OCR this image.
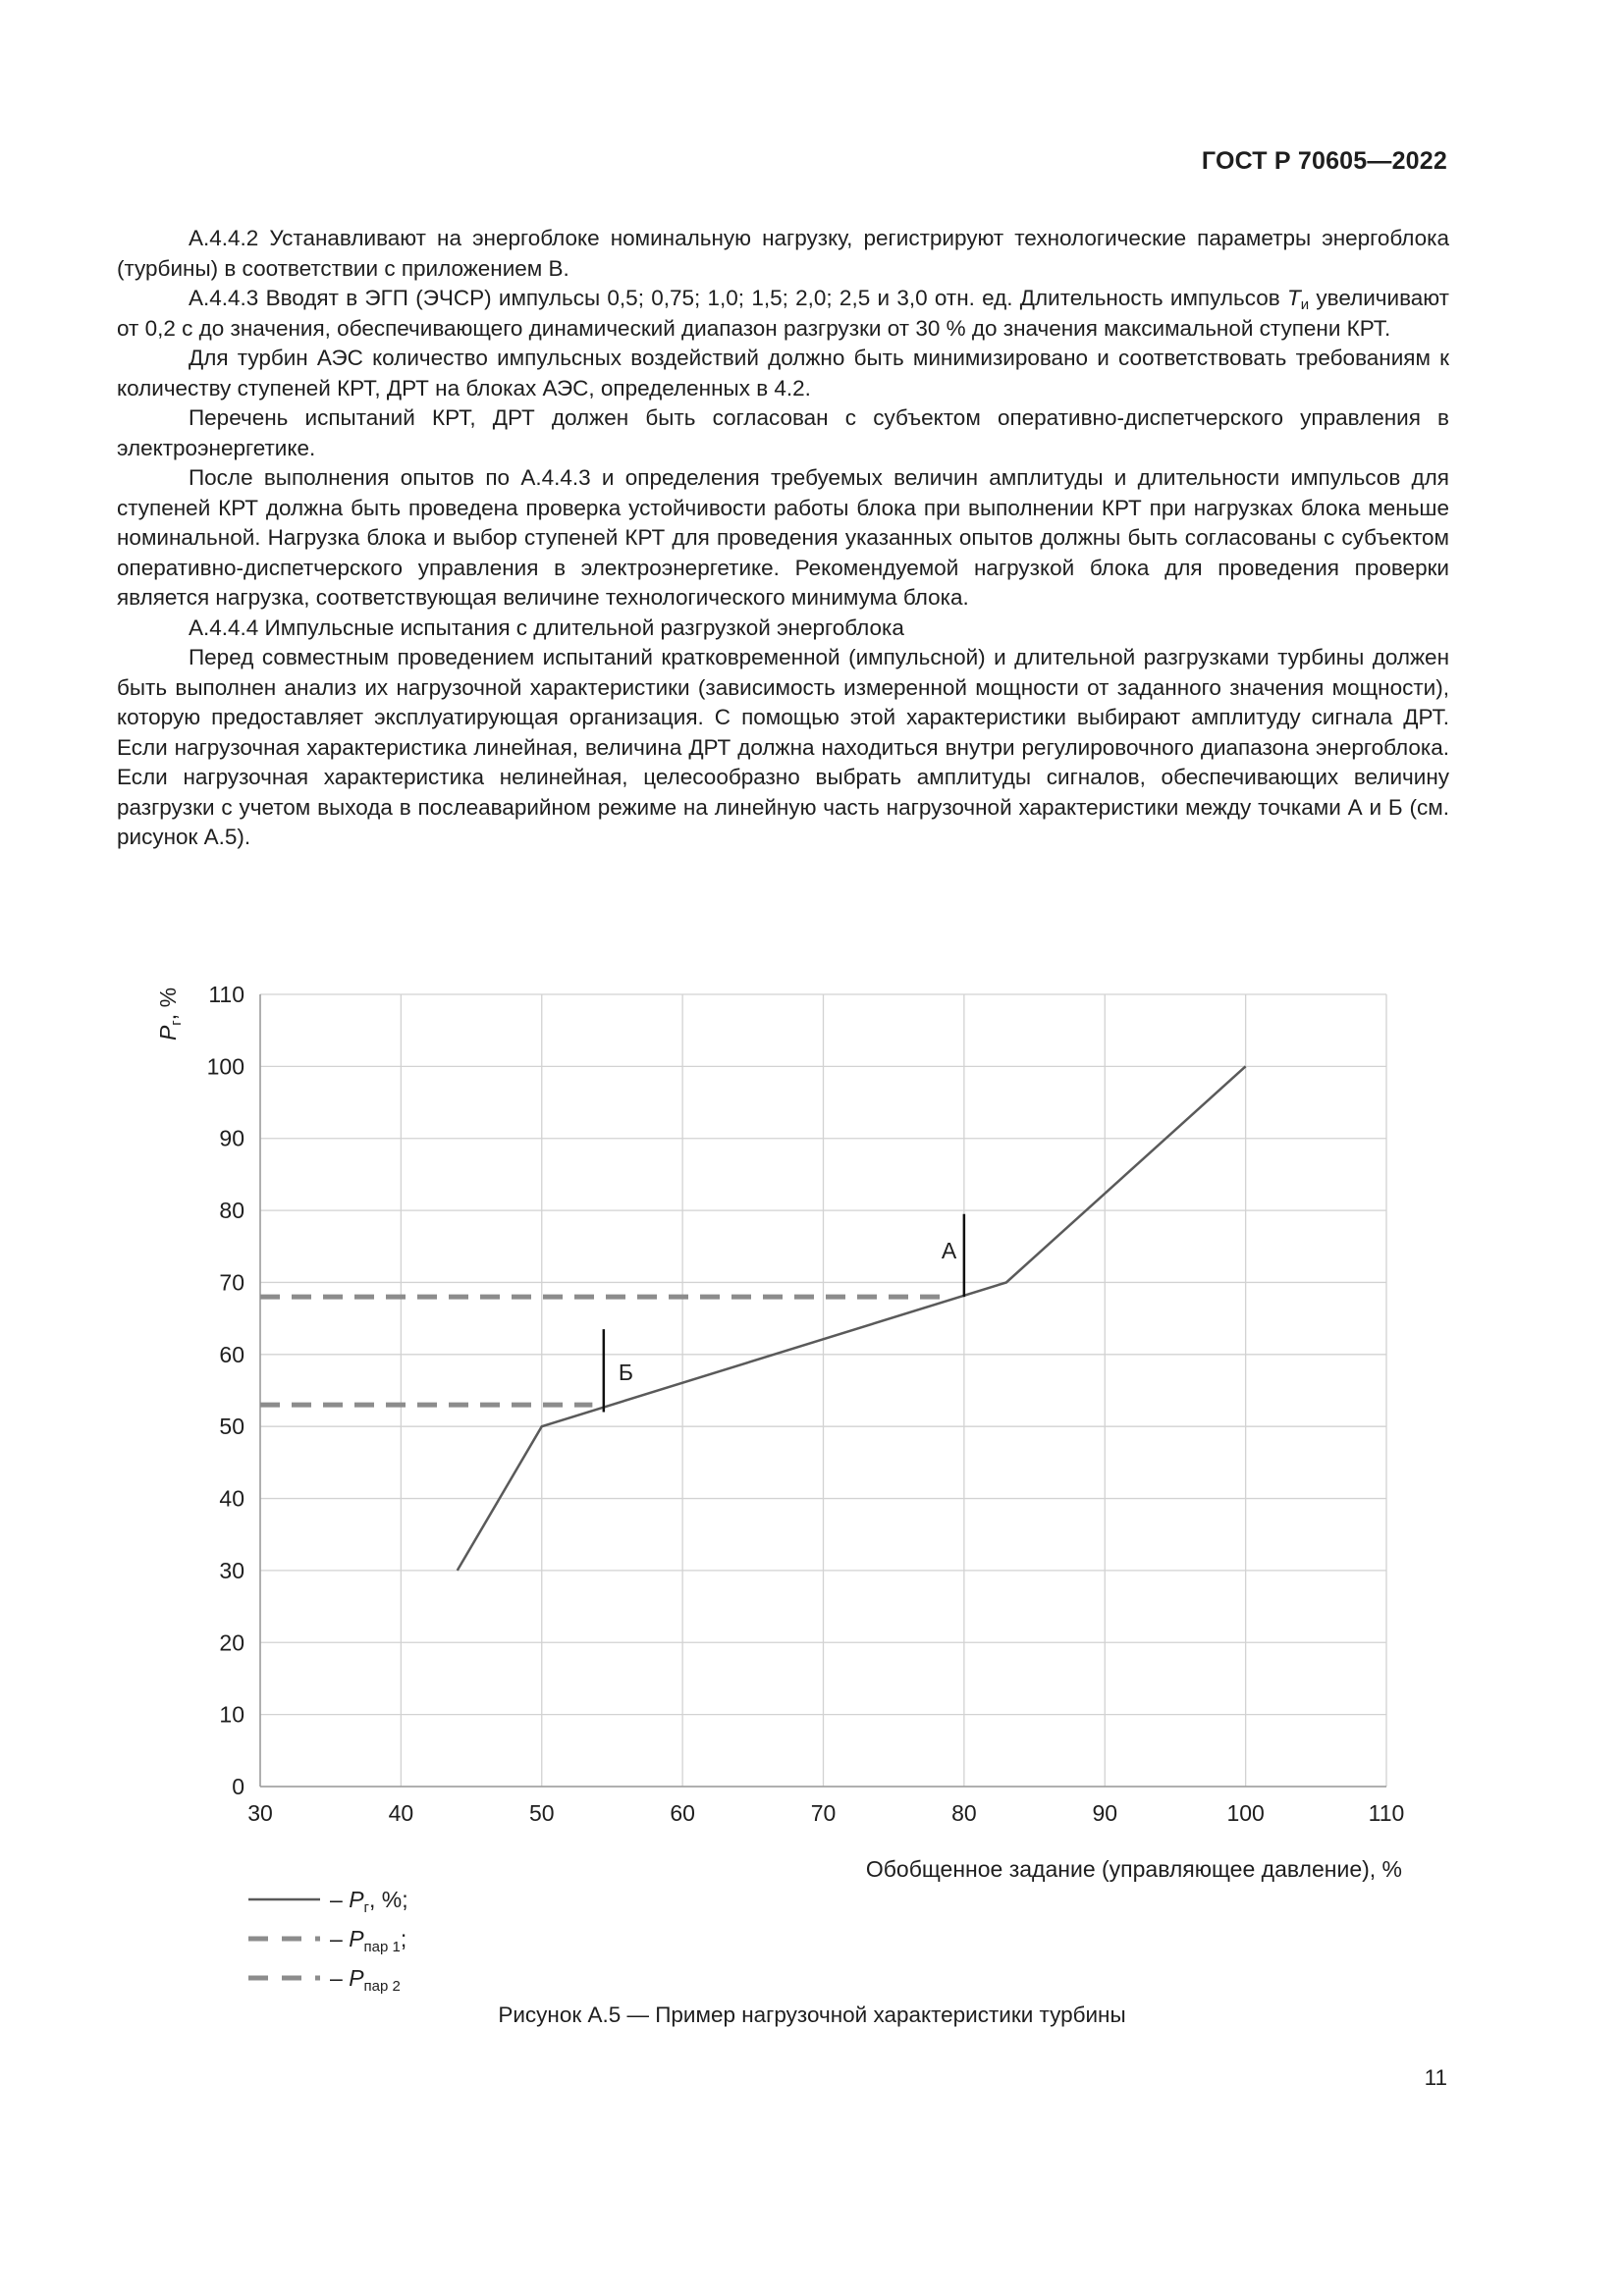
ГОСТ Р 70605—2022

А.4.4.2 Устанавливают на энергоблоке номинальную нагрузку, регистрируют технологические параметры энергоблока (турбины) в соответствии с приложением В.

А.4.4.3 Вводят в ЭГП (ЭЧСР) импульсы 0,5; 0,75; 1,0; 1,5; 2,0; 2,5 и 3,0 отн. ед. Длительность импульсов $Т_и$ увеличивают от 0,2 с до значения, обеспечивающего динамический диапазон разгрузки от 30 % до значения максимальной ступени КРТ.

Для турбин АЭС количество импульсных воздействий должно быть минимизировано и соответствовать требованиям к количеству ступеней КРТ, ДРТ на блоках АЭС, определенных в 4.2.

Перечень испытаний КРТ, ДРТ должен быть согласован с субъектом оперативно-диспетчерского управления в электроэнергетике.

После выполнения опытов по А.4.4.3 и определения требуемых величин амплитуды и длительности импульсов для ступеней КРТ должна быть проведена проверка устойчивости работы блока при выполнении КРТ при нагрузках блока меньше номинальной. Нагрузка блока и выбор ступеней КРТ для проведения указанных опытов должны быть согласованы с субъектом оперативно-диспетчерского управления в электроэнергетике. Рекомендуемой нагрузкой блока для проведения проверки является нагрузка, соответствующая величине технологического минимума блока.

А.4.4.4 Импульсные испытания с длительной разгрузкой энергоблока

Перед совместным проведением испытаний кратковременной (импульсной) и длительной разгрузками турбины должен быть выполнен анализ их нагрузочной характеристики (зависимость измеренной мощности от заданного значения мощности), которую предоставляет эксплуатирующая организация. С помощью этой характеристики выбирают амплитуду сигнала ДРТ. Если нагрузочная характеристика линейная, величина ДРТ должна находиться внутри регулировочного диапазона энергоблока. Если нагрузочная характеристика нелинейная, целесообразно выбрать амплитуды сигналов, обеспечивающих величину разгрузки с учетом выхода в послеаварийном режиме на линейную часть нагрузочной характеристики между точками А и Б (см. рисунок А.5).

0
10
20
30
40
50
60
70
80
90
100
110
30	40	50	60	70	80	90	100	110
Обобщенное задание (управляющее давление), %
$P_г$, %
А
Б
– $P_г$, %;
– $P_{пар 1}$;
– $P_{пар 2}$
Рисунок А.5 — Пример нагрузочной характеристики турбины
11
